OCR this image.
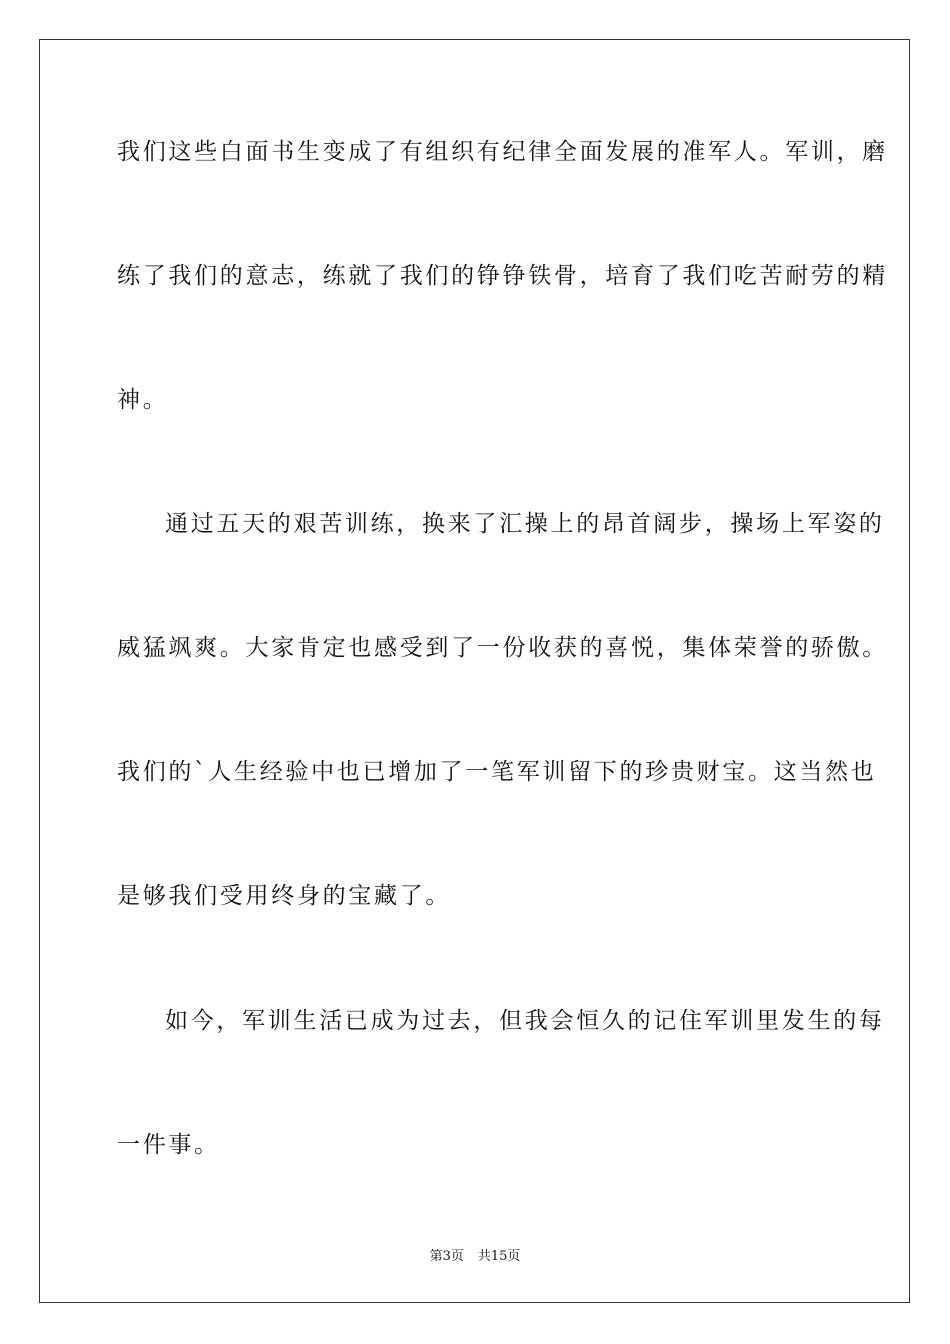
我们这些白面书生变成了有组织有纪律全面发展的准军人。军训，磨
练了我们的意志，练就了我们的铮铮铁骨，培育了我们吃苦耐劳的精
神。
通过五天的艰苦训练，换来了汇操上的昂首阔步，操场上军姿的
威猛飒爽。大家肯定也感受到了一份收获的喜悦，集体荣誉的骄傲。
我们的`人生经验中也已增加了一笔军训留下的珍贵财宝。这当然也
是够我们受用终身的宝藏了。
如今，军训生活已成为过去，但我会恒久的记住军训里发生的每
一件事。
第3页 共15页
